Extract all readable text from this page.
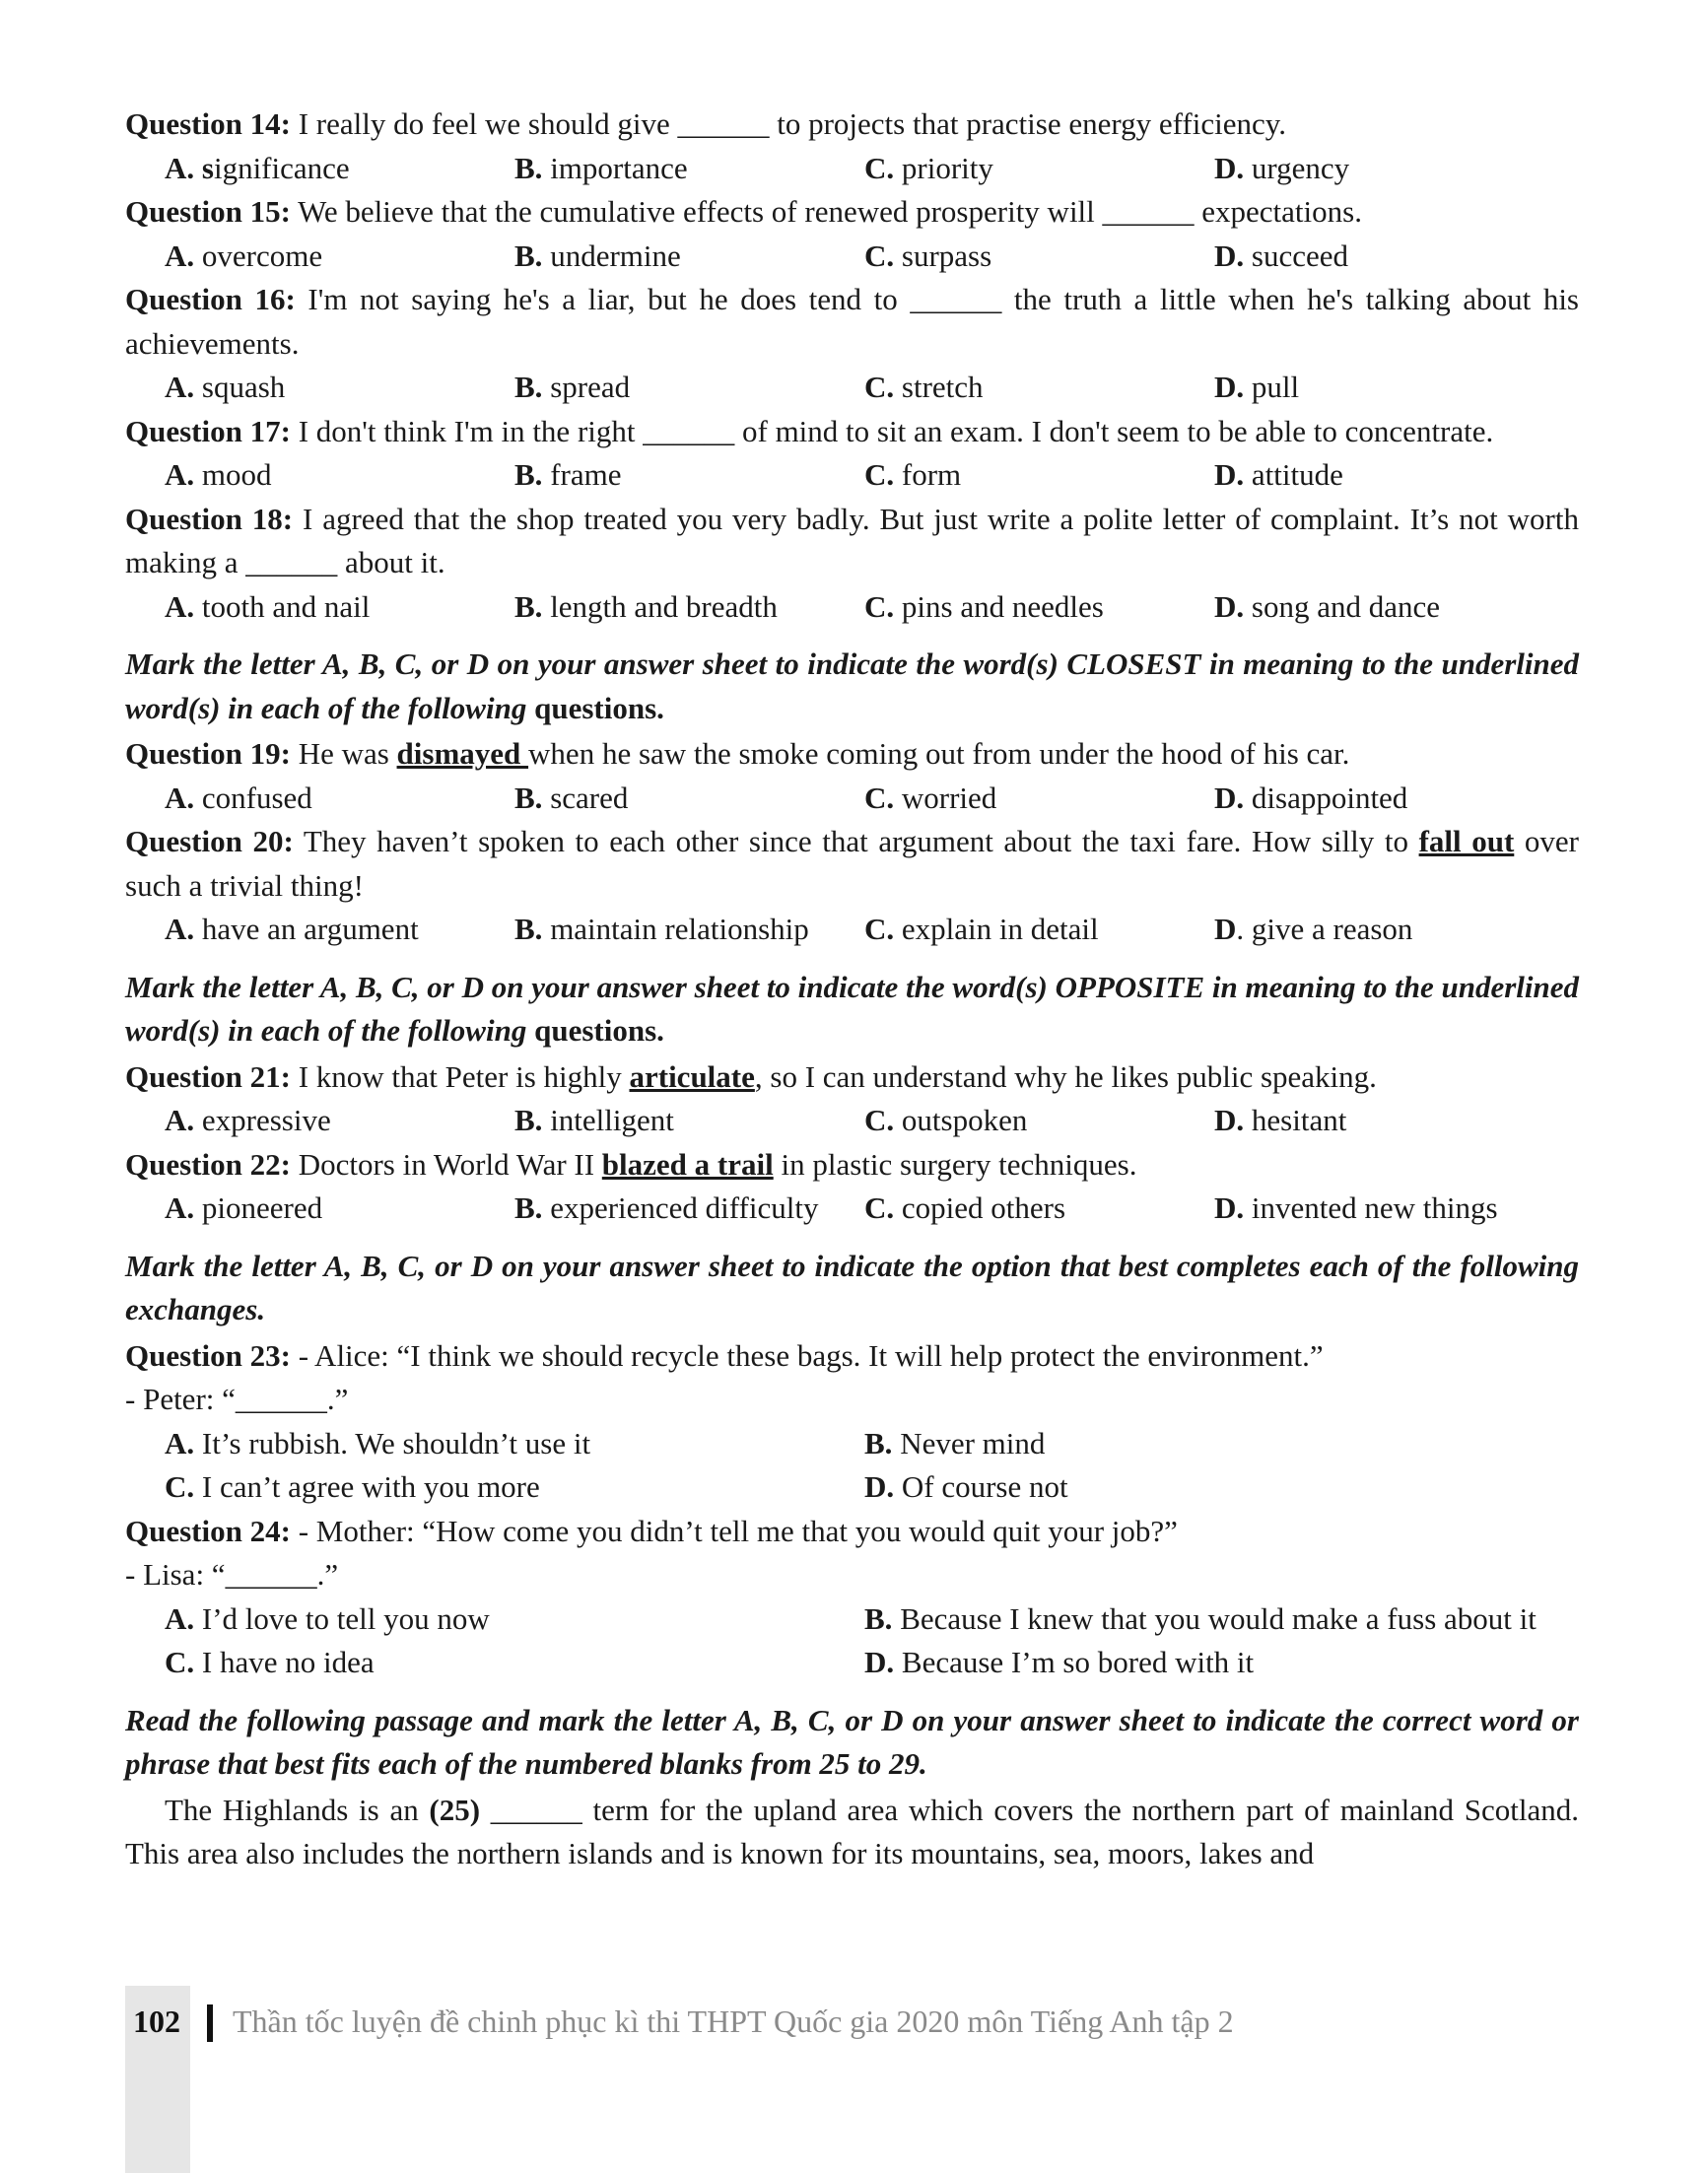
Question 14: I really do feel we should give ______ to projects that practise energy efficiency.

A. significance	B. importance	C. priority	D. urgency

Question 15: We believe that the cumulative effects of renewed prosperity will ______ expectations.

A. overcome	B. undermine	C. surpass	D. succeed

Question 16: I'm not saying he's a liar, but he does tend to ______ the truth a little when he's talking about his achievements.

A. squash	B. spread	C. stretch	D. pull

Question 17: I don't think I'm in the right ______ of mind to sit an exam. I don't seem to be able to concentrate.

A. mood	B. frame	C. form	D. attitude

Question 18: I agreed that the shop treated you very badly. But just write a polite letter of complaint. It’s not worth making a ______ about it.

A. tooth and nail	B. length and breadth	C. pins and needles	D. song and dance

Mark the letter A, B, C, or D on your answer sheet to indicate the word(s) CLOSEST in meaning to the underlined word(s) in each of the following questions.

Question 19: He was dismayed when he saw the smoke coming out from under the hood of his car.

A. confused	B. scared	C. worried	D. disappointed

Question 20: They haven’t spoken to each other since that argument about the taxi fare. How silly to fall out over such a trivial thing!

A. have an argument	B. maintain relationship	C. explain in detail	D. give a reason

Mark the letter A, B, C, or D on your answer sheet to indicate the word(s) OPPOSITE in meaning to the underlined word(s) in each of the following questions.

Question 21: I know that Peter is highly articulate, so I can understand why he likes public speaking.

A. expressive	B. intelligent	C. outspoken	D. hesitant

Question 22: Doctors in World War II blazed a trail in plastic surgery techniques.

A. pioneered	B. experienced difficulty	C. copied others	D. invented new things

Mark the letter A, B, C, or D on your answer sheet to indicate the option that best completes each of the following exchanges.

Question 23: - Alice: “I think we should recycle these bags. It will help protect the environment.”

- Peter: “______.”

A. It’s rubbish. We shouldn’t use it	B. Never mind
C. I can’t agree with you more	D. Of course not

Question 24: - Mother: “How come you didn’t tell me that you would quit your job?”

- Lisa: “______.”

A. I’d love to tell you now	B. Because I knew that you would make a fuss about it
C. I have no idea	D. Because I’m so bored with it

Read the following passage and mark the letter A, B, C, or D on your answer sheet to indicate the correct word or phrase that best fits each of the numbered blanks from 25 to 29.

The Highlands is an (25) ______ term for the upland area which covers the northern part of mainland Scotland. This area also includes the northern islands and is known for its mountains, sea, moors, lakes and

102 Thần tốc luyện đề chinh phục kì thi THPT Quốc gia 2020 môn Tiếng Anh tập 2
